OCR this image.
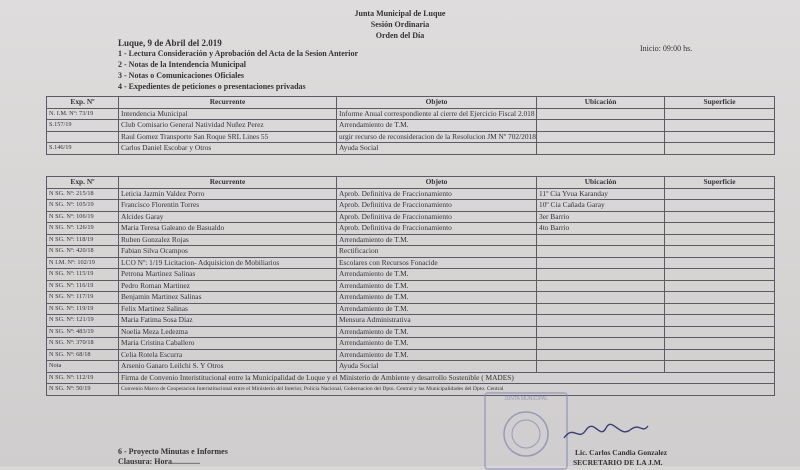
Junta Municipal de Luque
Sesión Ordinaria
Orden del Día
Luque, 9 de Abril del 2.019
Inicio: 09:00 hs.
1 - Lectura Consideración y Aprobación del Acta de la Sesion Anterior
2 - Notas de la Intendencia Municipal
3 - Notas o Comunicaciones Oficiales
4 - Expedientes de peticiones o presentaciones privadas
Exp. Nº	Recurrente	Objeto	Ubicación	Superficie
N. I.M. Nº: 73/19	Intendencia Municipal	Informe Anual correspondiente al cierre del Ejercicio Fiscal 2.018		
S.157/19	Club Comisario General Natividad Nuñez Perez	Arrendamiento de T.M.		
	Raul Gomez Transporte San Roque SRL Lines 55	urgir recurso de reconsideracion de la Resolucion JM Nº 702/2018		
S.146/19	Carlos Daniel Escobar y Otros	Ayuda Social		
Exp. Nº	Recurrente	Objeto	Ubicación	Superficie
N SG. Nº: 215/18	Leticia Jazmin Valdez Porro	Aprob. Definitiva de Fraccionamiento	11º Cia Yvua Karanday	
N SG. Nº: 105/19	Francisco Florentin Torres	Aprob. Definitiva de Fraccionamiento	10º Cia Cañada Garay	
N SG. Nº: 106/19	Alcides Garay	Aprob. Definitiva de Fraccionamiento	3er Barrio	
N SG. Nº: 126/19	Maria Teresa Galeano de Basualdo	Aprob. Definitiva de Fraccionamiento	4to Barrio	
N SG. Nº: 118/19	Ruben Gonzalez Rojas	Arrendamiento de T.M.		
N SG. Nº: 420/18	Fabian Silva Ocampos	Rectificacion		
N I.M. Nº: 102/19	LCO Nº: 1/19 Licitacion- Adquisicion de Mobiliarios	Escolares con Recursos Fonacide		
N SG. Nº: 115/19	Petrona Martinez Salinas	Arrendamiento de T.M.		
N SG. Nº: 116/19	Pedro Roman Martinez	Arrendamiento de T.M.		
N SG. Nº: 117/19	Benjamin Martinez Salinas	Arrendamiento de T.M.		
N SG. Nº: 119/19	Felix Martinez Salinas	Arrendamiento de T.M.		
N SG. Nº: 121/19	Maria Fatima Sosa Diaz	Mensura Administrativa		
N SG. Nº: 483/19	Noelia Meza Ledezma	Arrendamiento de T.M.		
N SG. Nº: 370/18	Maria Cristina Caballero	Arrendamiento de T.M.		
N SG. Nº: 68/18	Celia Rotela Escurra	Arrendamiento de T.M.		
Nota	Arsenio Ganaro Leilchi S. Y Otros	Ayuda Social		
N SG. Nº: 112/19	Firma de Convenio Interistitucional entre la Municipalidad de Luque y el Ministerio de Ambiente y desarrollo Sostenible ( MADES)			
N SG. Nº: 50/19	Convenio Marco de Cooperacion Interistitucional entre el Ministerio del Interior, Policia Nacional, Gobernacion del Dpto. Central y las Municipalidades del Dpto. Central			
JUNTA MUNICIPAL
6 - Proyecto Minutas e Informes
Clausura: Hora..............
Lic. Carlos Candia Gonzalez
SECRETARIO DE LA J.M.
